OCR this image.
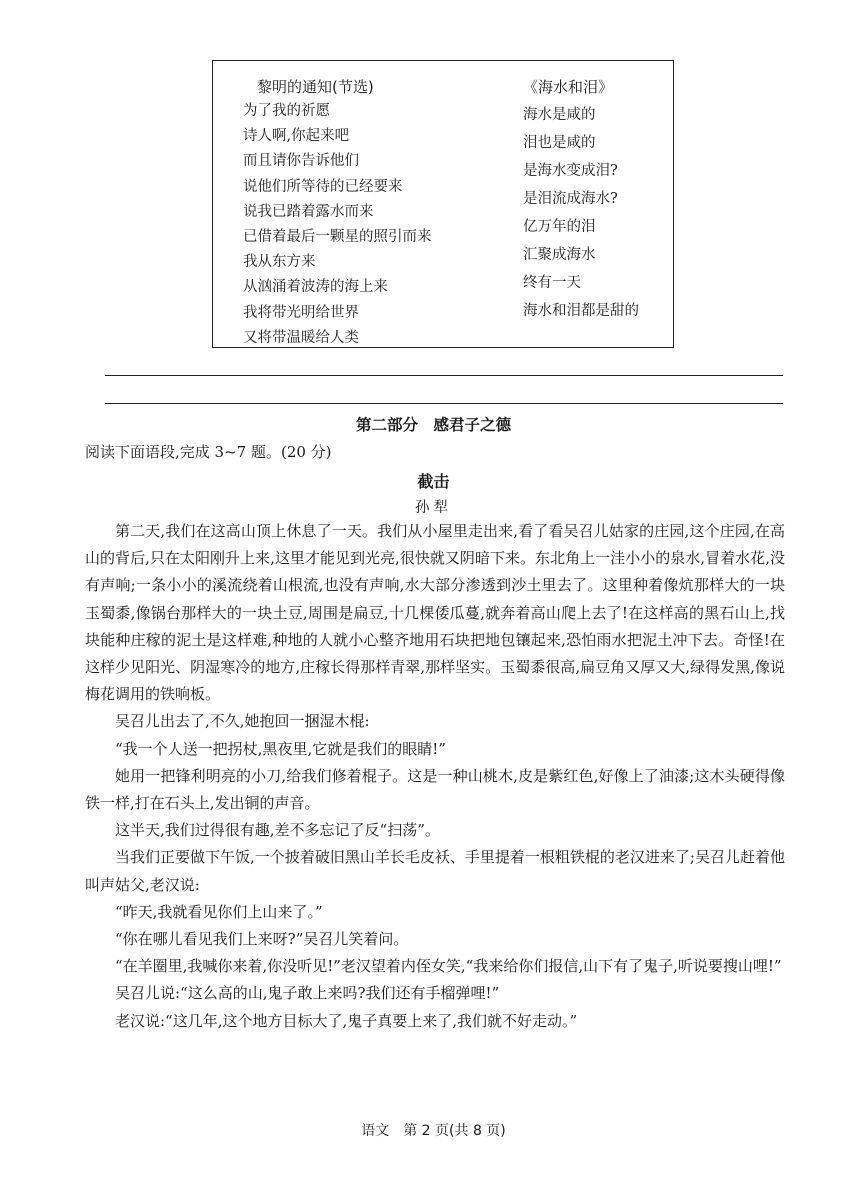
黎明的通知(节选)
为了我的祈愿
诗人啊,你起来吧
而且请你告诉他们
说他们所等待的已经要来
说我已踏着露水而来
已借着最后一颗星的照引而来
我从东方来
从汹涌着波涛的海上来
我将带光明给世界
又将带温暖给人类
《海水和泪》
海水是咸的
泪也是咸的
是海水变成泪?
是泪流成海水?
亿万年的泪
汇聚成海水
终有一天
海水和泪都是甜的
第二部分　感君子之德
阅读下面语段,完成 3~7 题。(20 分)
截击
孙犁

第二天,我们在这高山顶上休息了一天。我们从小屋里走出来,看了看吴召儿姑家的庄园,这个庄园,在高山的背后,只在太阳刚升上来,这里才能见到光亮,很快就又阴暗下来。东北角上一洼小小的泉水,冒着水花,没有声响;一条小小的溪流绕着山根流,也没有声响,水大部分渗透到沙土里去了。这里种着像炕那样大的一块玉蜀黍,像锅台那样大的一块土豆,周围是扁豆,十几棵倭瓜蔓,就奔着高山爬上去了!在这样高的黑石山上,找块能种庄稼的泥土是这样难,种地的人就小心整齐地用石块把地包镶起来,恐怕雨水把泥土冲下去。奇怪!在这样少见阳光、阴湿寒冷的地方,庄稼长得那样青翠,那样坚实。玉蜀黍很高,扁豆角又厚又大,绿得发黑,像说梅花调用的铁响板。

吴召儿出去了,不久,她抱回一捆湿木棍:

“我一个人送一把拐杖,黑夜里,它就是我们的眼睛!”

她用一把锋利明亮的小刀,给我们修着棍子。这是一种山桃木,皮是紫红色,好像上了油漆;这木头硬得像铁一样,打在石头上,发出铜的声音。

这半天,我们过得很有趣,差不多忘记了反“扫荡”。

当我们正要做下午饭,一个披着破旧黑山羊长毛皮袄、手里提着一根粗铁棍的老汉进来了;吴召儿赶着他叫声姑父,老汉说:

“昨天,我就看见你们上山来了。”

“你在哪儿看见我们上来呀?”吴召儿笑着问。

“在羊圈里,我喊你来着,你没听见!”老汉望着内侄女笑,“我来给你们报信,山下有了鬼子,听说要搜山哩!”

吴召儿说:“这么高的山,鬼子敢上来吗?我们还有手榴弹哩!”

老汉说:“这几年,这个地方目标大了,鬼子真要上来了,我们就不好走动。”

语文　第 2 页(共 8 页)
